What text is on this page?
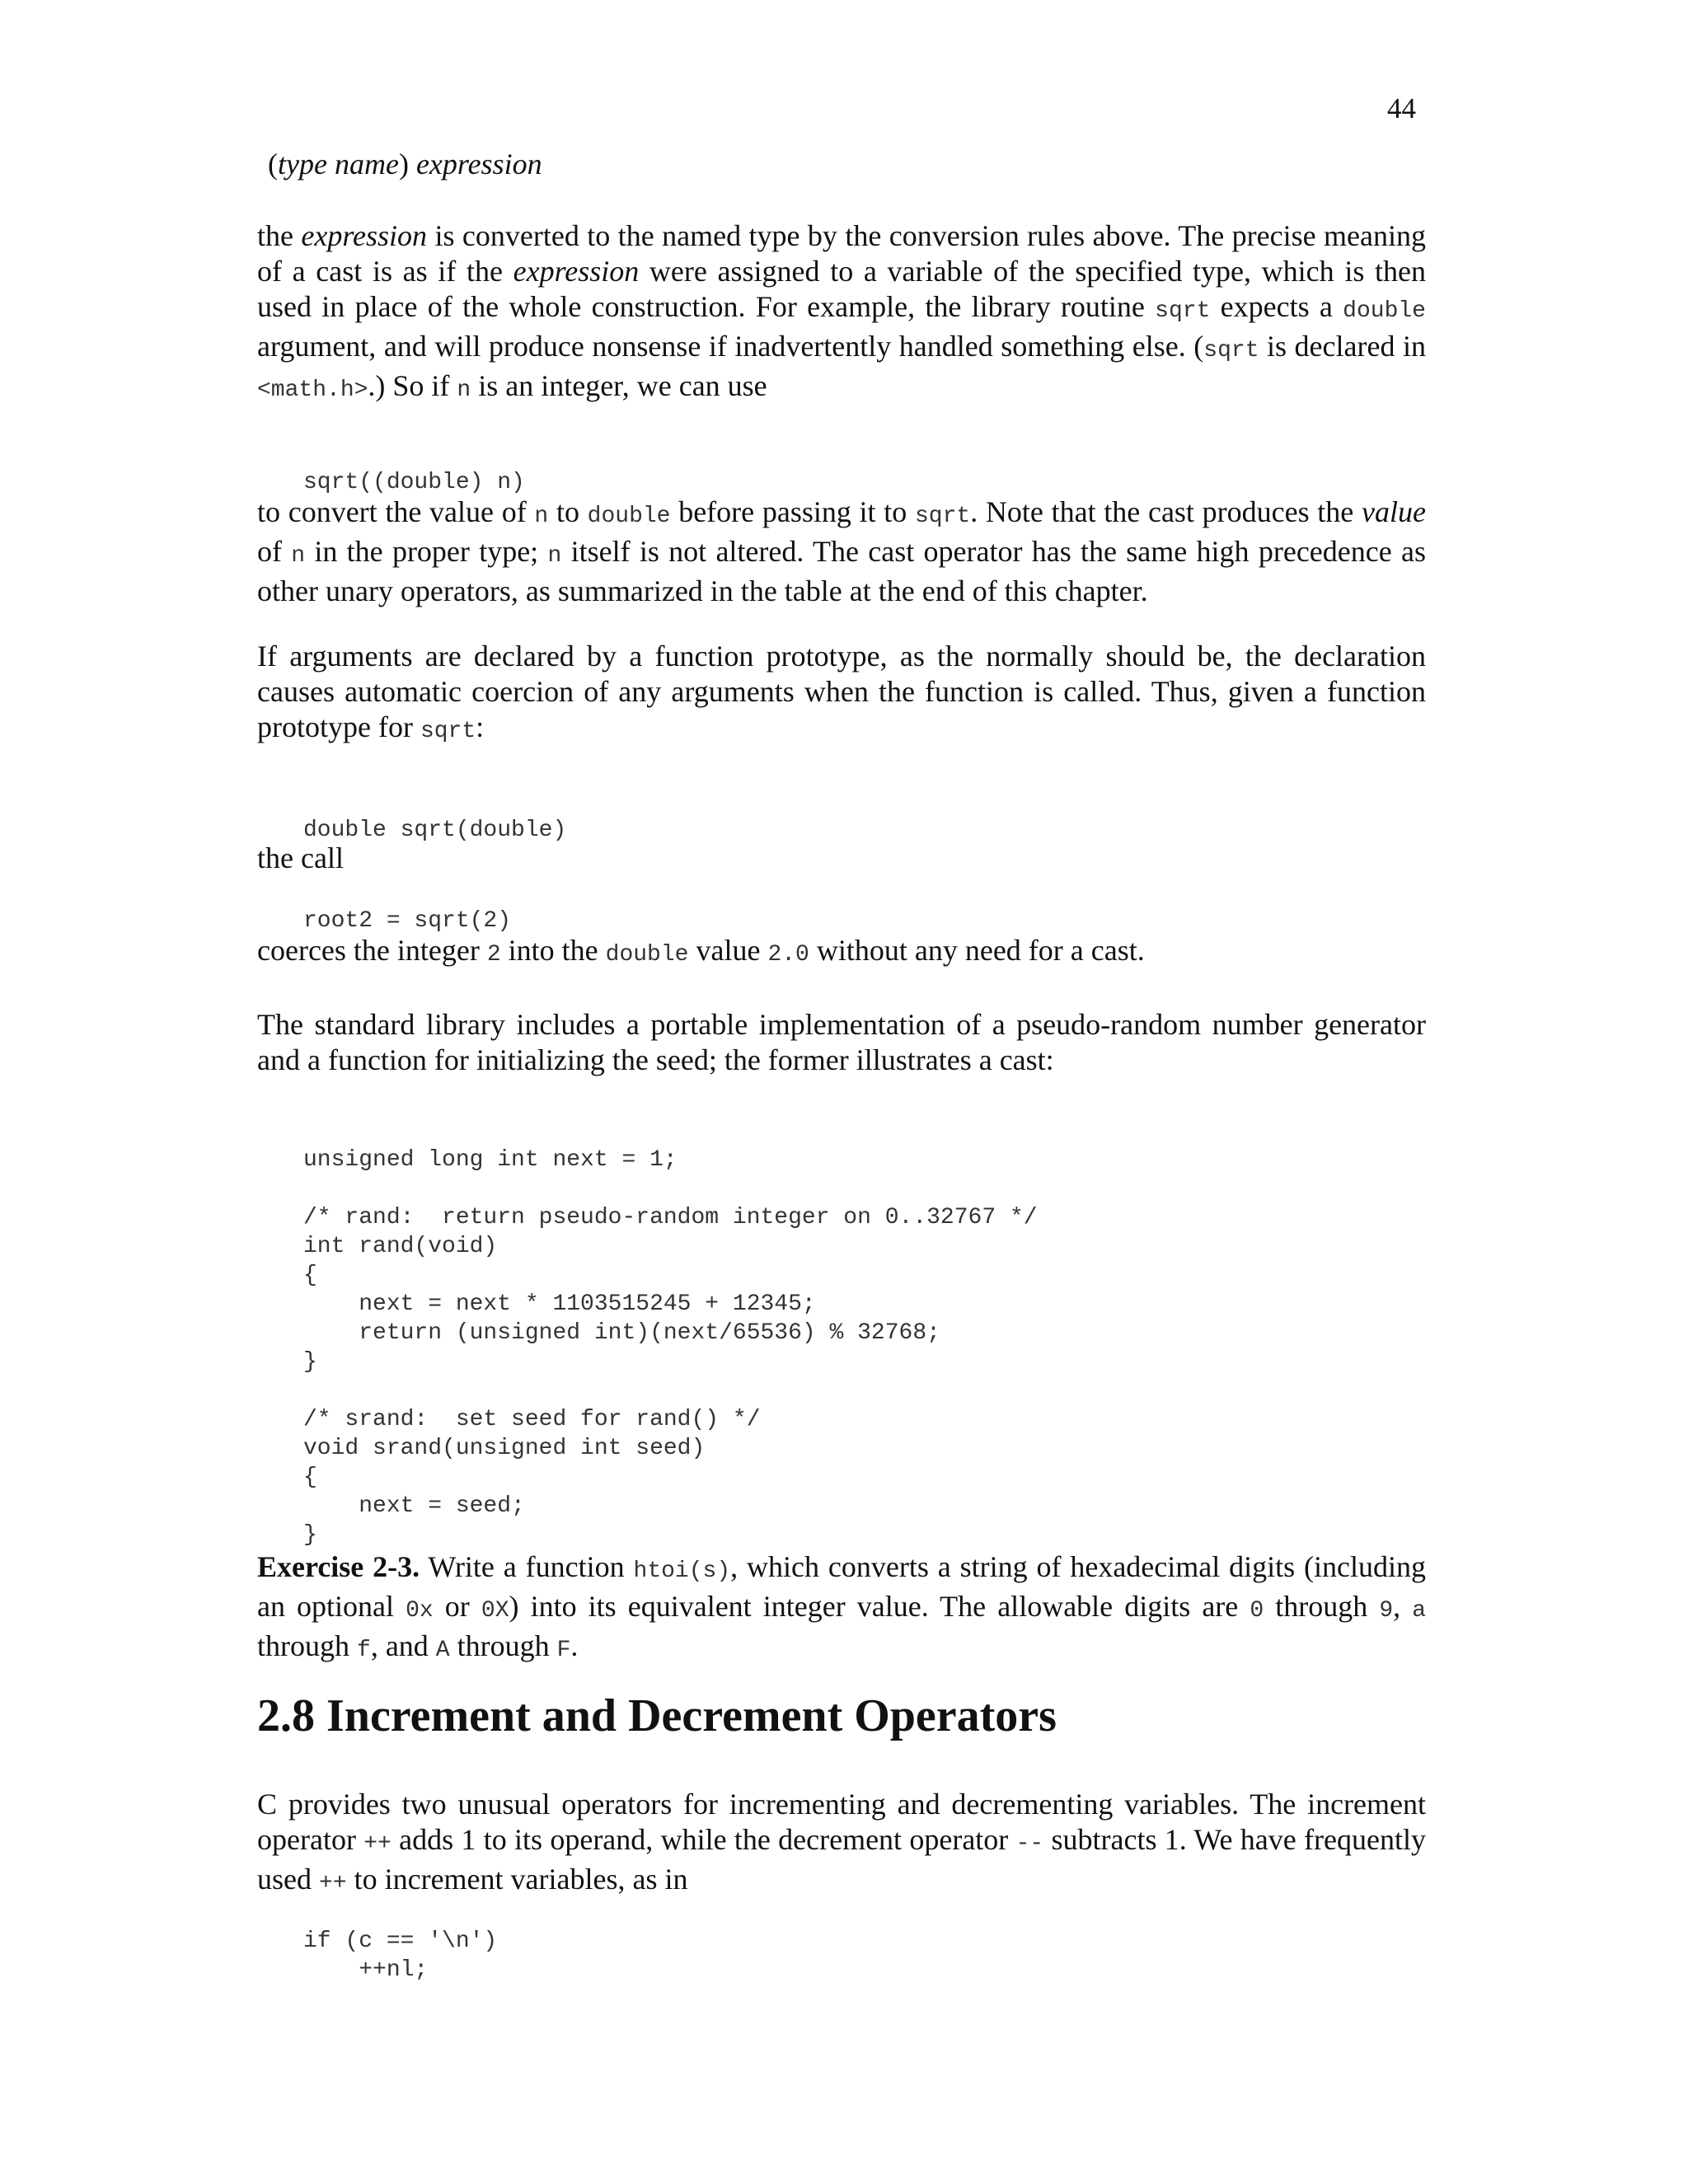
44
(type name) expression
the expression is converted to the named type by the conversion rules above. The precise meaning of a cast is as if the expression were assigned to a variable of the specified type, which is then used in place of the whole construction. For example, the library routine sqrt expects a double argument, and will produce nonsense if inadvertently handled something else. (sqrt is declared in <math.h>.) So if n is an integer, we can use
sqrt((double) n)
to convert the value of n to double before passing it to sqrt. Note that the cast produces the value of n in the proper type; n itself is not altered. The cast operator has the same high precedence as other unary operators, as summarized in the table at the end of this chapter.
If arguments are declared by a function prototype, as the normally should be, the declaration causes automatic coercion of any arguments when the function is called. Thus, given a function prototype for sqrt:
double sqrt(double)
the call
root2 = sqrt(2)
coerces the integer 2 into the double value 2.0 without any need for a cast.
The standard library includes a portable implementation of a pseudo-random number generator and a function for initializing the seed; the former illustrates a cast:
unsigned long int next = 1;

/* rand:  return pseudo-random integer on 0..32767 */
int rand(void)
{
next = next * 1103515245 + 12345;
return (unsigned int)(next/65536) % 32768;
}

/* srand:  set seed for rand() */
void srand(unsigned int seed)
{
next = seed;
}
Exercise 2-3. Write a function htoi(s), which converts a string of hexadecimal digits (including an optional 0x or 0X) into its equivalent integer value. The allowable digits are 0 through 9, a through f, and A through F.
2.8 Increment and Decrement Operators
C provides two unusual operators for incrementing and decrementing variables. The increment operator ++ adds 1 to its operand, while the decrement operator -- subtracts 1. We have frequently used ++ to increment variables, as in
if (c == '\n')
++nl;
